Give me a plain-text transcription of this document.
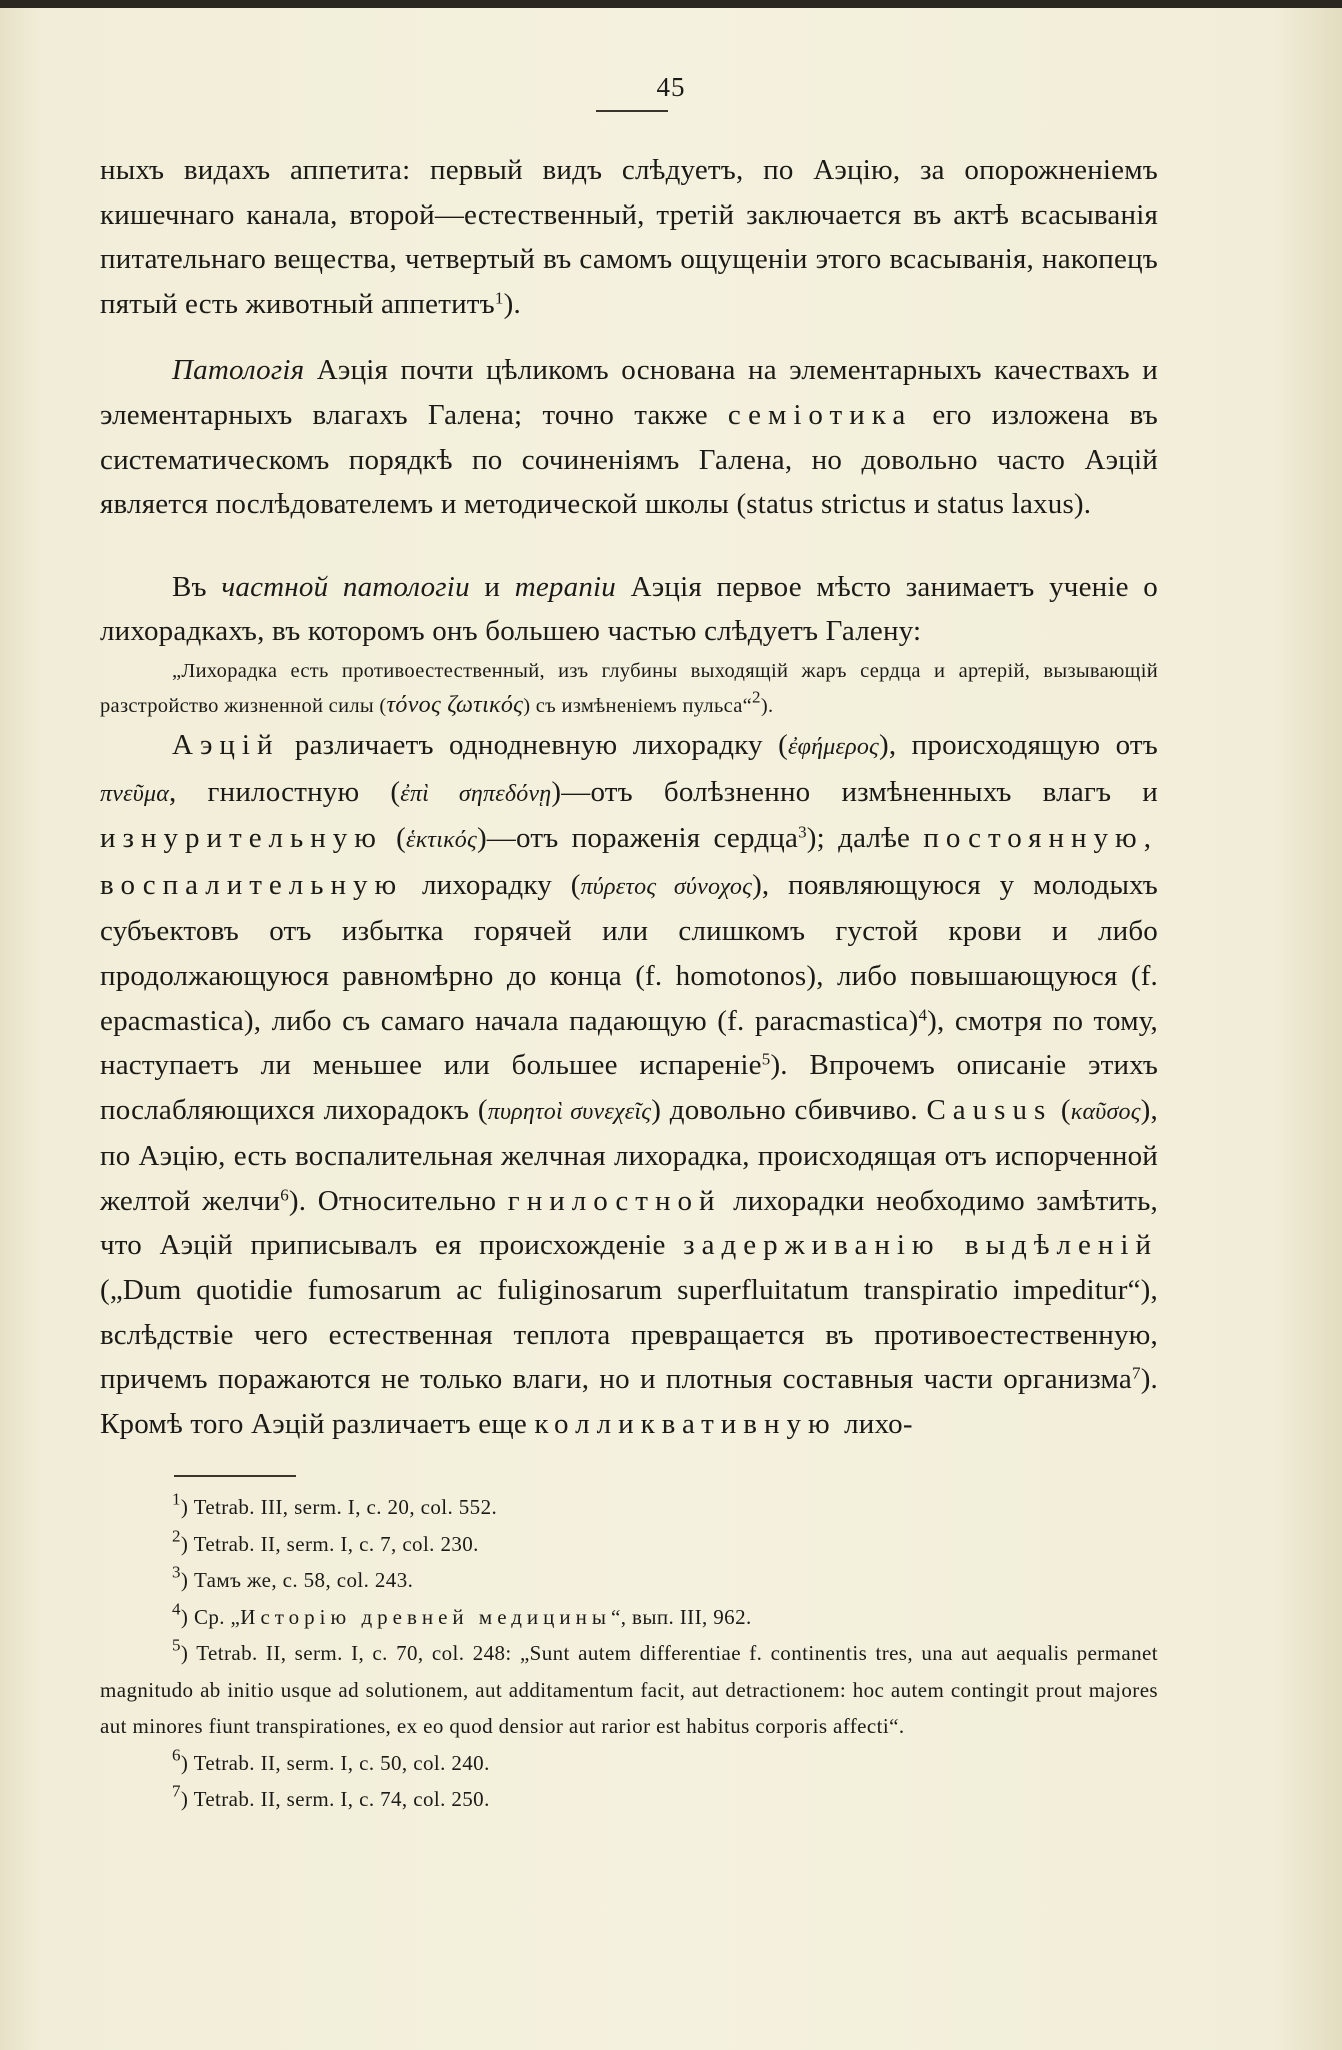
45

ныхъ видахъ аппетита: первый видъ слѣдуетъ, по Аэцію, за опорожненіемъ кишечнаго канала, второй—естественный, третій заключается въ актѣ всасыванія питательнаго вещества, четвертый въ самомъ ощущеніи этого всасыванія, накопецъ пятый есть животный аппетитъ$^1$).

Патологія Аэція почти цѣликомъ основана на элементарныхъ качествахъ и элементарныхъ влагахъ Галена; точно также семіотика его изложена въ систематическомъ порядкѣ по сочиненіямъ Галена, но довольно часто Аэцій является послѣдователемъ и методической школы (status strictus и status laxus).

Въ частной патологіи и терапіи Аэція первое мѣсто занимаетъ ученіе о лихорадкахъ, въ которомъ онъ большею частью слѣдуетъ Галену:

„Лихорадка есть противоестественный, изъ глубины выходящій жаръ сердца и артерій, вызывающій разстройство жизненной силы (τόνος ζωτικός) съ измѣненіемъ пульса“$^2$).

Аэцій различаетъ однодневную лихорадку (ἐφήμερος), происходящую отъ πνεῦμα, гнилостную (ἐπὶ σηπεδόνῃ)—отъ болѣзненно измѣненныхъ влагъ и изнурительную (ἑκτικός)—отъ пораженія сердца$^3$); далѣе постоянную, воспалительную лихорадку (πύρετος σύνοχος), появляющуюся у молодыхъ субъектовъ отъ избытка горячей или слишкомъ густой крови и либо продолжающуюся равномѣрно до конца (f. homotonos), либо повышающуюся (f. epacmastica), либо съ самаго начала падающую (f. paracmastica)$^4$), смотря по тому, наступаетъ ли меньшее или большее испареніе$^5$). Впрочемъ описаніе этихъ послабляющихся лихорадокъ (πυρητοὶ συνεχεῖς) довольно сбивчиво. Causus (καῦσος), по Аэцію, есть воспалительная желчная лихорадка, происходящая отъ испорченной желтой желчи$^6$). Относительно гнилостной лихорадки необходимо замѣтить, что Аэцій приписывалъ ея происхожденіе задерживанію выдѣленій („Dum quotidie fumosarum ac fuliginosarum superfluitatum transpiratio impeditur“), вслѣдствіе чего естественная теплота превращается въ противоестественную, причемъ поражаются не только влаги, но и плотныя составныя части организма$^7$). Кромѣ того Аэцій различаетъ еще колликвативную лихо-

$^1$) Tetrab. III, serm. I, c. 20, col. 552.

$^2$) Tetrab. II, serm. I, c. 7, col. 230.

$^3$) Тамъ же, c. 58, col. 243.

$^4$) Ср. „Исторію древней медицины“, вып. III, 962.

$^5$) Tetrab. II, serm. I, c. 70, col. 248: „Sunt autem differentiae f. continentis tres, una aut aequalis permanet magnitudo ab initio usque ad solutionem, aut additamentum facit, aut detractionem: hoc autem contingit prout majores aut minores fiunt transpirationes, ex eo quod densior aut rarior est habitus corporis affecti“.

$^6$) Tetrab. II, serm. I, c. 50, col. 240.

$^7$) Tetrab. II, serm. I, c. 74, col. 250.
